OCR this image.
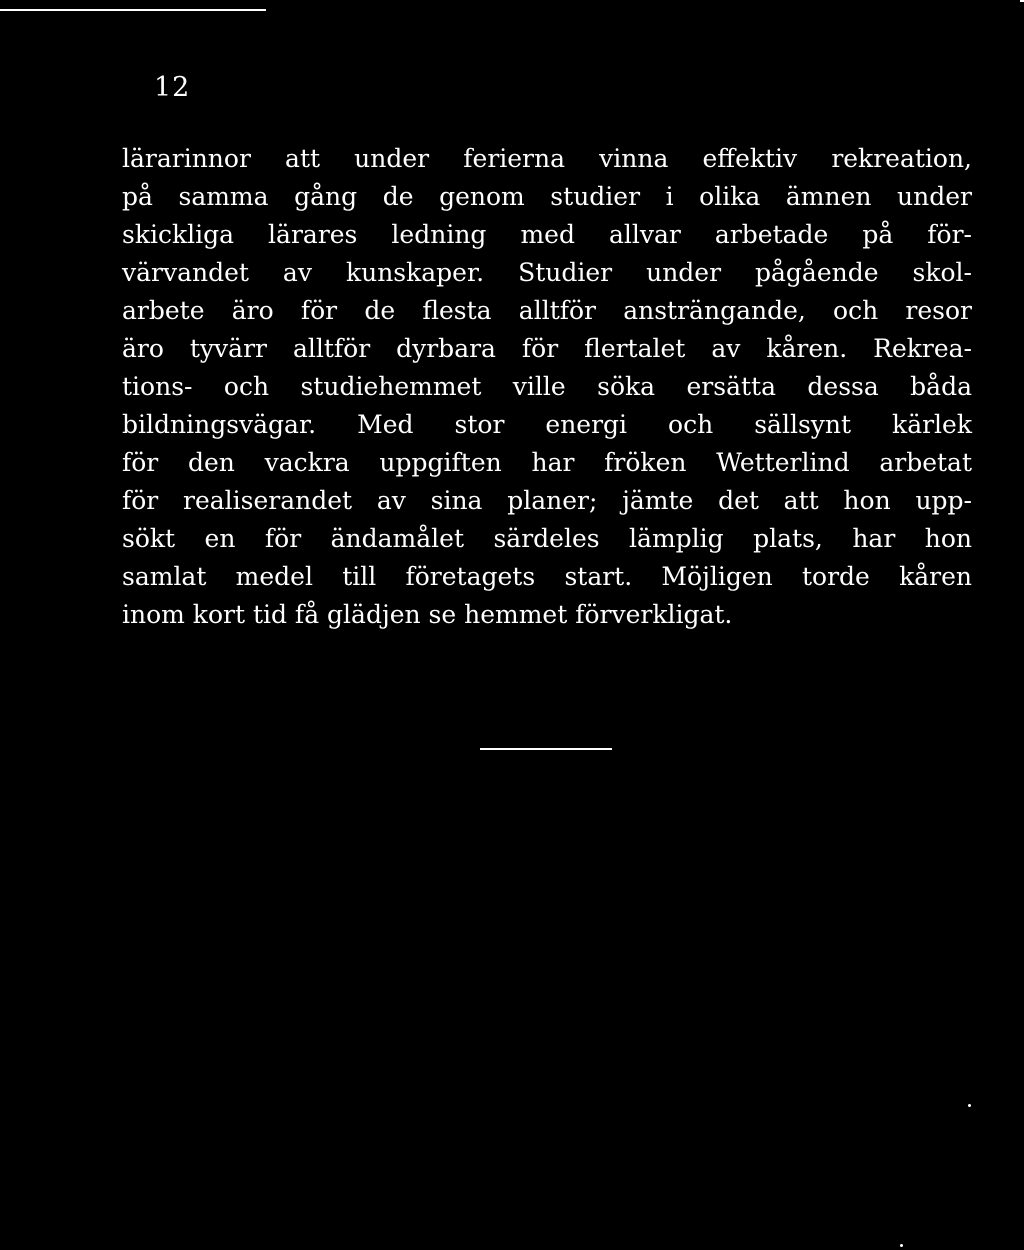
12
lärarinnor att under ferierna vinna effektiv rekreation,
på samma gång de genom studier i olika ämnen under
skickliga lärares ledning med allvar arbetade på för-
värvandet av kunskaper. Studier under pågående skol-
arbete äro för de flesta alltför ansträngande, och resor
äro tyvärr alltför dyrbara för flertalet av kåren. Rekrea-
tions- och studiehemmet ville söka ersätta dessa båda
bildningsvägar. Med stor energi och sällsynt kärlek
för den vackra uppgiften har fröken Wetterlind arbetat
för realiserandet av sina planer; jämte det att hon upp-
sökt en för ändamålet särdeles lämplig plats, har hon
samlat medel till företagets start. Möjligen torde kåren
inom kort tid få glädjen se hemmet förverkligat.
